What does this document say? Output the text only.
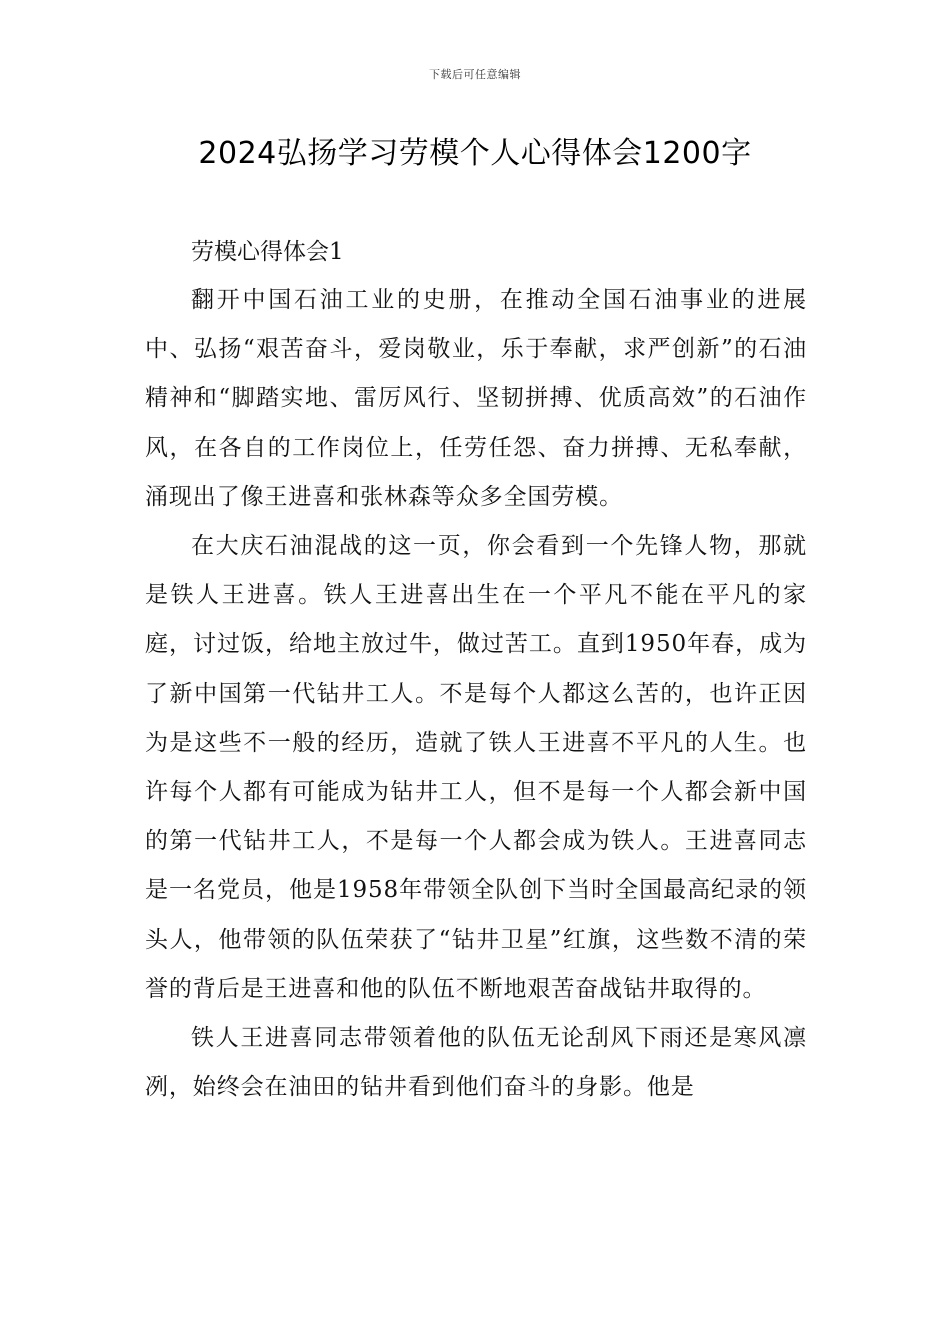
下载后可任意编辑
2024弘扬学习劳模个人心得体会1200字

劳模心得体会1

翻开中国石油工业的史册，在推动全国石油事业的进展中、弘扬“艰苦奋斗，爱岗敬业，乐于奉献，求严创新”的石油精神和“脚踏实地、雷厉风行、坚韧拼搏、优质高效”的石油作风，在各自的工作岗位上，任劳任怨、奋力拼搏、无私奉献，涌现出了像王进喜和张林森等众多全国劳模。

在大庆石油混战的这一页，你会看到一个先锋人物，那就是铁人王进喜。铁人王进喜出生在一个平凡不能在平凡的家庭，讨过饭，给地主放过牛，做过苦工。直到1950年春，成为了新中国第一代钻井工人。不是每个人都这么苦的，也许正因为是这些不一般的经历，造就了铁人王进喜不平凡的人生。也许每个人都有可能成为钻井工人，但不是每一个人都会新中国的第一代钻井工人，不是每一个人都会成为铁人。王进喜同志是一名党员，他是1958年带领全队创下当时全国最高纪录的领头人，他带领的队伍荣获了“钻井卫星”红旗，这些数不清的荣誉的背后是王进喜和他的队伍不断地艰苦奋战钻井取得的。

铁人王进喜同志带领着他的队伍无论刮风下雨还是寒风凛冽，始终会在油田的钻井看到他们奋斗的身影。他是
